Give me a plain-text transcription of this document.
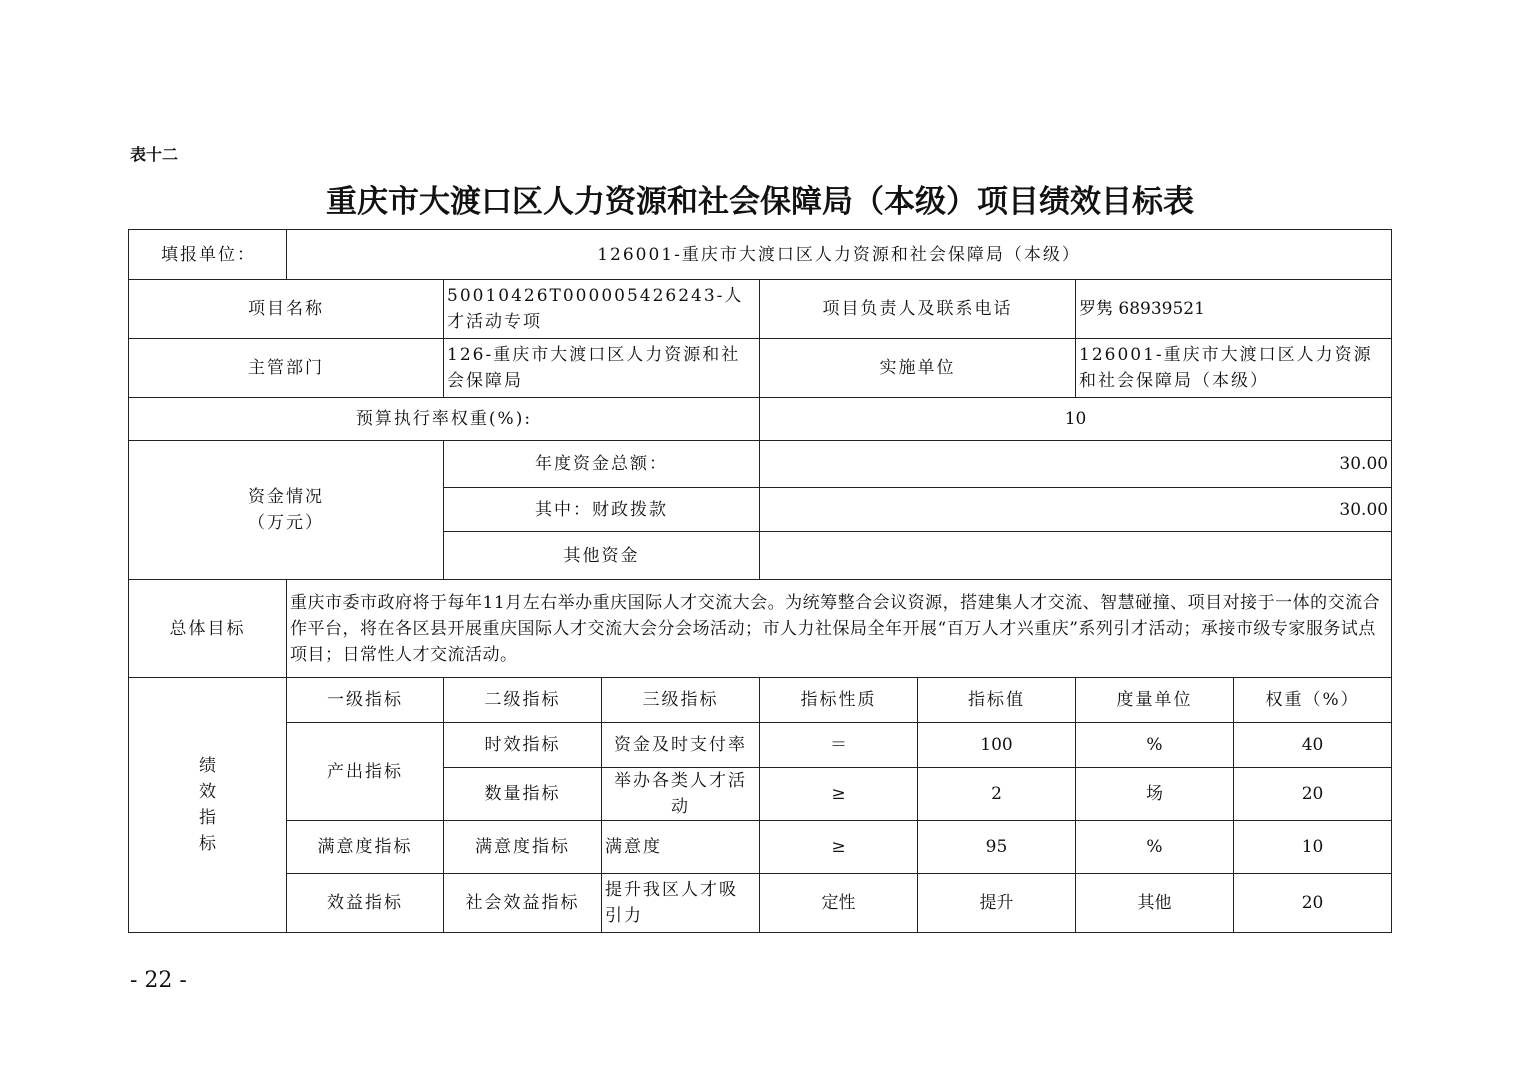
表十二
重庆市大渡口区人力资源和社会保障局（本级）项目绩效目标表
填报单位：	126001-重庆市大渡口区人力资源和社会保障局（本级）						
项目名称		50010426T000005426243-人才活动专项		项目负责人及联系电话		罗隽 68939521	
主管部门		126-重庆市大渡口区人力资源和社会保障局		实施单位		126001-重庆市大渡口区人力资源和社会保障局（本级）	
预算执行率权重(%):				10			
资金情况
（万元）		年度资金总额：		30.00			
		其中：财政拨款		30.00			
		其他资金					
总体目标	重庆市委市政府将于每年11月左右举办重庆国际人才交流大会。为统筹整合会议资源，搭建集人才交流、智慧碰撞、项目对接于一体的交流合作平台，将在各区县开展重庆国际人才交流大会分会场活动；市人力社保局全年开展“百万人才兴重庆”系列引才活动；承接市级专家服务试点项目；日常性人才交流活动。						
绩
效
指
标	一级指标	二级指标	三级指标	指标性质	指标值	度量单位	权重（%）
	产出指标	时效指标	资金及时支付率	＝	100	%	40
		数量指标	举办各类人才活动	≥	2	场	20
	满意度指标	满意度指标	满意度	≥	95	%	10
	效益指标	社会效益指标	提升我区人才吸引力	定性	提升	其他	20
- 22 -
